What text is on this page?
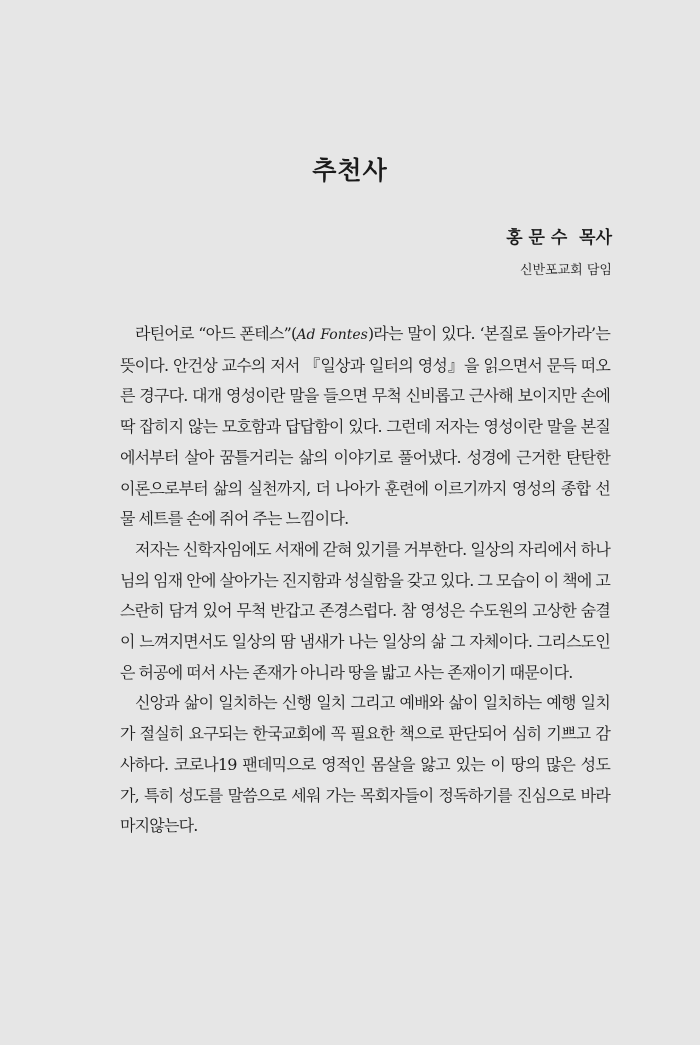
추천사
홍 문 수  목사
신반포교회 담임

라틴어로 “아드 폰테스”(Ad Fontes)라는 말이 있다. ‘본질로 돌아가라’는 뜻이다. 안건상 교수의 저서 『일상과 일터의 영성』을 읽으면서 문득 떠오른 경구다. 대개 영성이란 말을 들으면 무척 신비롭고 근사해 보이지만 손에 딱 잡히지 않는 모호함과 답답함이 있다. 그런데 저자는 영성이란 말을 본질에서부터 살아 꿈틀거리는 삶의 이야기로 풀어냈다. 성경에 근거한 탄탄한 이론으로부터 삶의 실천까지, 더 나아가 훈련에 이르기까지 영성의 종합 선물 세트를 손에 쥐어 주는 느낌이다.

저자는 신학자임에도 서재에 갇혀 있기를 거부한다. 일상의 자리에서 하나님의 임재 안에 살아가는 진지함과 성실함을 갖고 있다. 그 모습이 이 책에 고스란히 담겨 있어 무척 반갑고 존경스럽다. 참 영성은 수도원의 고상한 숨결이 느껴지면서도 일상의 땀 냄새가 나는 일상의 삶 그 자체이다. 그리스도인은 허공에 떠서 사는 존재가 아니라 땅을 밟고 사는 존재이기 때문이다.

신앙과 삶이 일치하는 신행 일치 그리고 예배와 삶이 일치하는 예행 일치가 절실히 요구되는 한국교회에 꼭 필요한 책으로 판단되어 심히 기쁘고 감사하다. 코로나19 팬데믹으로 영적인 몸살을 앓고 있는 이 땅의 많은 성도가, 특히 성도를 말씀으로 세워 가는 목회자들이 정독하기를 진심으로 바라 마지않는다.
